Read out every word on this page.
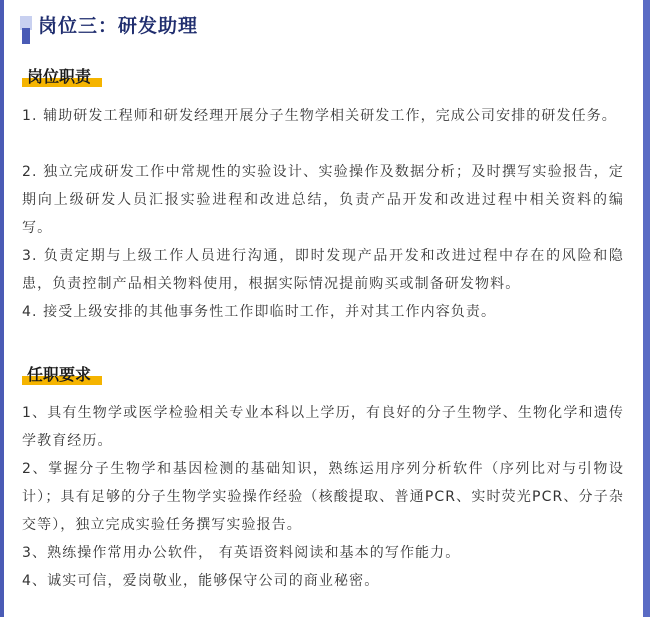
岗位三：研发助理
岗位职责

1. 辅助研发工程师和研发经理开展分子生物学相关研发工作，完成公司安排的研发任务。

2. 独立完成研发工作中常规性的实验设计、实验操作及数据分析；及时撰写实验报告，定期向上级研发人员汇报实验进程和改进总结，负责产品开发和改进过程中相关资料的编写。

3. 负责定期与上级工作人员进行沟通，即时发现产品开发和改进过程中存在的风险和隐患，负责控制产品相关物料使用，根据实际情况提前购买或制备研发物料。

4. 接受上级安排的其他事务性工作即临时工作，并对其工作内容负责。

任职要求

1、具有生物学或医学检验相关专业本科以上学历，有良好的分子生物学、生物化学和遗传学教育经历。

2、掌握分子生物学和基因检测的基础知识，熟练运用序列分析软件（序列比对与引物设计）；具有足够的分子生物学实验操作经验（核酸提取、普通PCR、实时荧光PCR、分子杂交等），独立完成实验任务撰写实验报告。

3、熟练操作常用办公软件， 有英语资料阅读和基本的写作能力。

4、诚实可信，爱岗敬业，能够保守公司的商业秘密。
